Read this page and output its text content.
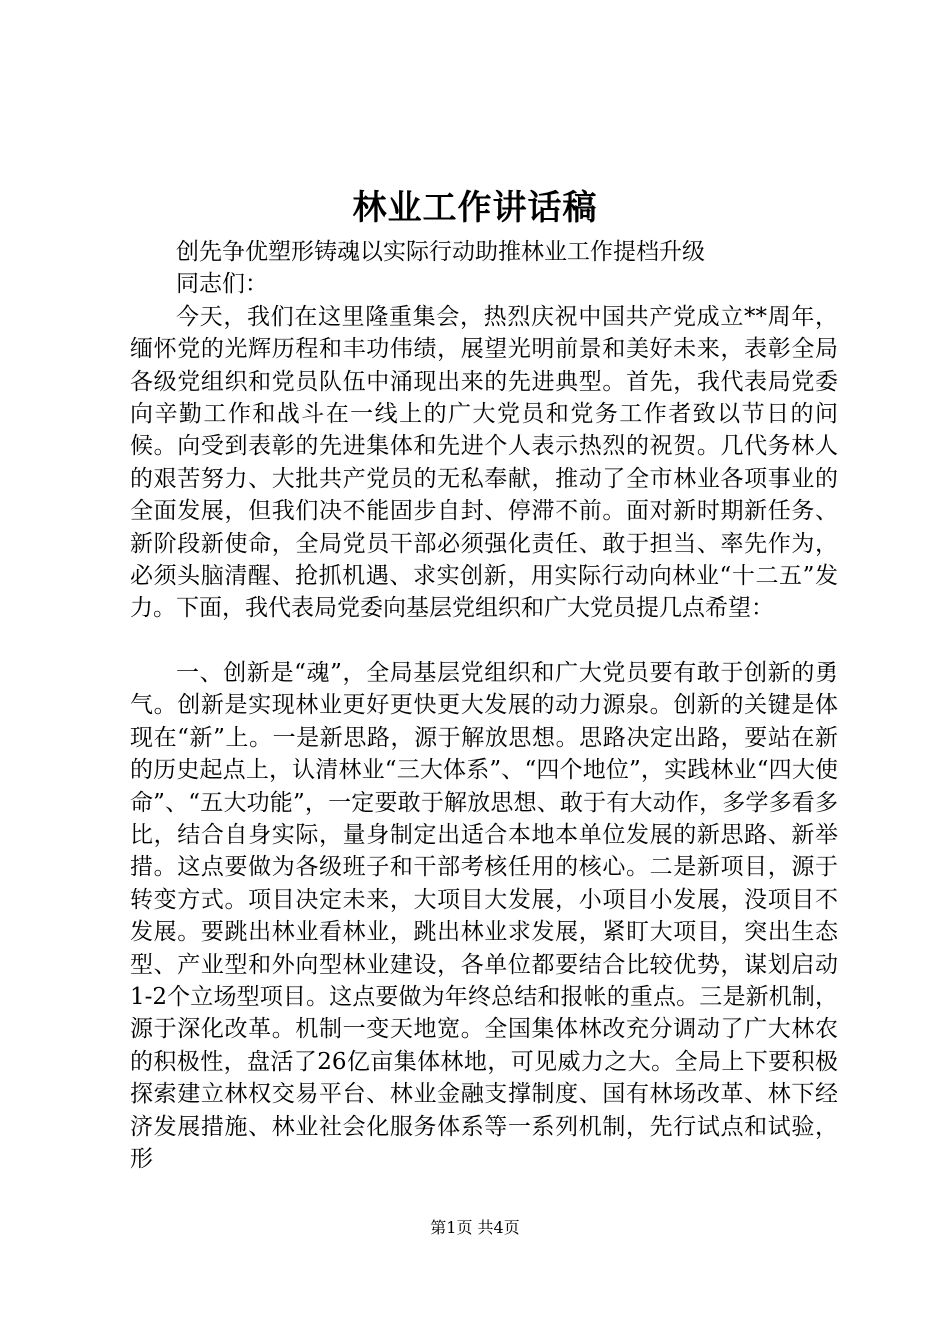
林业工作讲话稿

创先争优塑形铸魂以实际行动助推林业工作提档升级

同志们：

今天，我们在这里隆重集会，热烈庆祝中国共产党成立**周年，缅怀党的光辉历程和丰功伟绩，展望光明前景和美好未来，表彰全局各级党组织和党员队伍中涌现出来的先进典型。首先，我代表局党委向辛勤工作和战斗在一线上的广大党员和党务工作者致以节日的问候。向受到表彰的先进集体和先进个人表示热烈的祝贺。几代务林人的艰苦努力、大批共产党员的无私奉献，推动了全市林业各项事业的全面发展，但我们决不能固步自封、停滞不前。面对新时期新任务、新阶段新使命，全局党员干部必须强化责任、敢于担当、率先作为，必须头脑清醒、抢抓机遇、求实创新，用实际行动向林业“十二五”发力。下面，我代表局党委向基层党组织和广大党员提几点希望：

一、创新是“魂”，全局基层党组织和广大党员要有敢于创新的勇气。创新是实现林业更好更快更大发展的动力源泉。创新的关键是体现在“新”上。一是新思路，源于解放思想。思路决定出路，要站在新的历史起点上，认清林业“三大体系”、“四个地位”，实践林业“四大使命”、“五大功能”，一定要敢于解放思想、敢于有大动作，多学多看多比，结合自身实际，量身制定出适合本地本单位发展的新思路、新举措。这点要做为各级班子和干部考核任用的核心。二是新项目，源于转变方式。项目决定未来，大项目大发展，小项目小发展，没项目不发展。要跳出林业看林业，跳出林业求发展，紧盯大项目，突出生态型、产业型和外向型林业建设，各单位都要结合比较优势，谋划启动1-2个立场型项目。这点要做为年终总结和报帐的重点。三是新机制，源于深化改革。机制一变天地宽。全国集体林改充分调动了广大林农的积极性，盘活了26亿亩集体林地，可见威力之大。全局上下要积极探索建立林权交易平台、林业金融支撑制度、国有林场改革、林下经济发展措施、林业社会化服务体系等一系列机制，先行试点和试验，形

第1页 共4页
